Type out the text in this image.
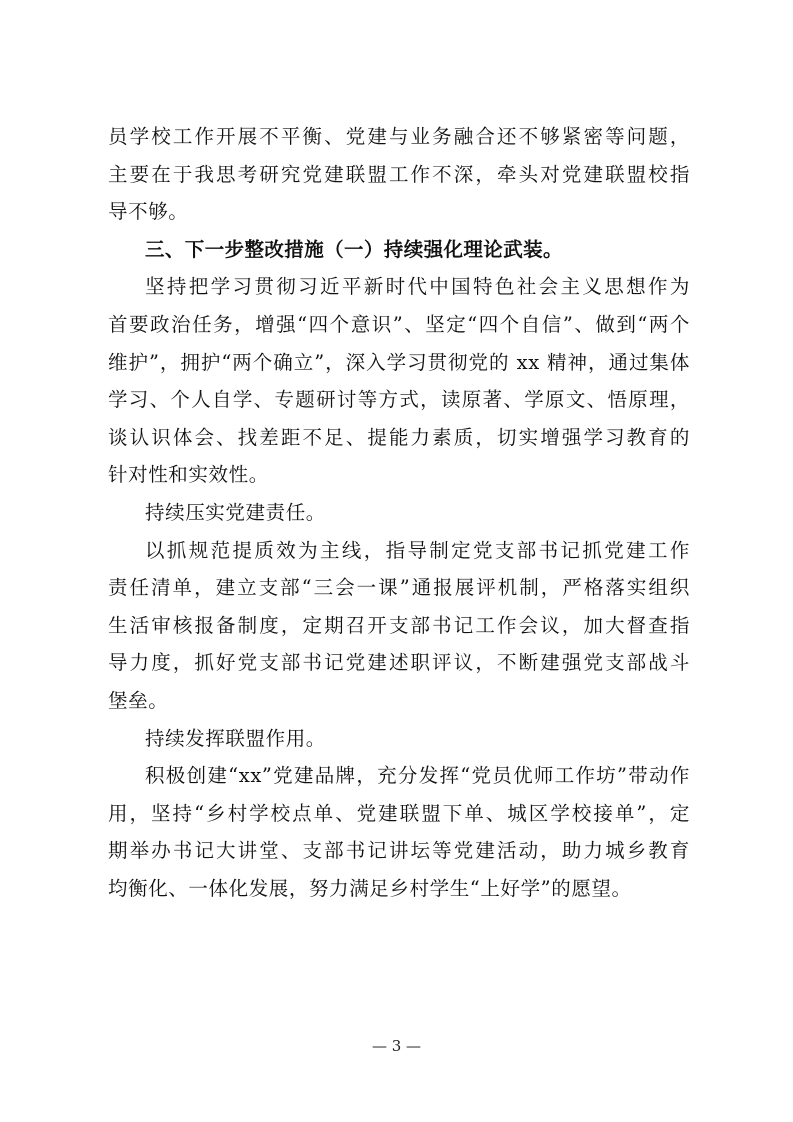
员学校工作开展不平衡、党建与业务融合还不够紧密等问题，
主要在于我思考研究党建联盟工作不深，牵头对党建联盟校指
导不够。
三、下一步整改措施（一）持续强化理论武装。
坚持把学习贯彻习近平新时代中国特色社会主义思想作为
首要政治任务，增强“四个意识”、坚定“四个自信”、做到“两个
维护”，拥护“两个确立”，深入学习贯彻党的 xx 精神，通过集体
学习、个人自学、专题研讨等方式，读原著、学原文、悟原理，
谈认识体会、找差距不足、提能力素质，切实增强学习教育的
针对性和实效性。
持续压实党建责任。
以抓规范提质效为主线，指导制定党支部书记抓党建工作
责任清单，建立支部“三会一课”通报展评机制，严格落实组织
生活审核报备制度，定期召开支部书记工作会议，加大督查指
导力度，抓好党支部书记党建述职评议，不断建强党支部战斗
堡垒。
持续发挥联盟作用。
积极创建“xx”党建品牌，充分发挥“党员优师工作坊”带动作
用，坚持“乡村学校点单、党建联盟下单、城区学校接单”，定
期举办书记大讲堂、支部书记讲坛等党建活动，助力城乡教育
均衡化、一体化发展，努力满足乡村学生“上好学”的愿望。
— 3 —
